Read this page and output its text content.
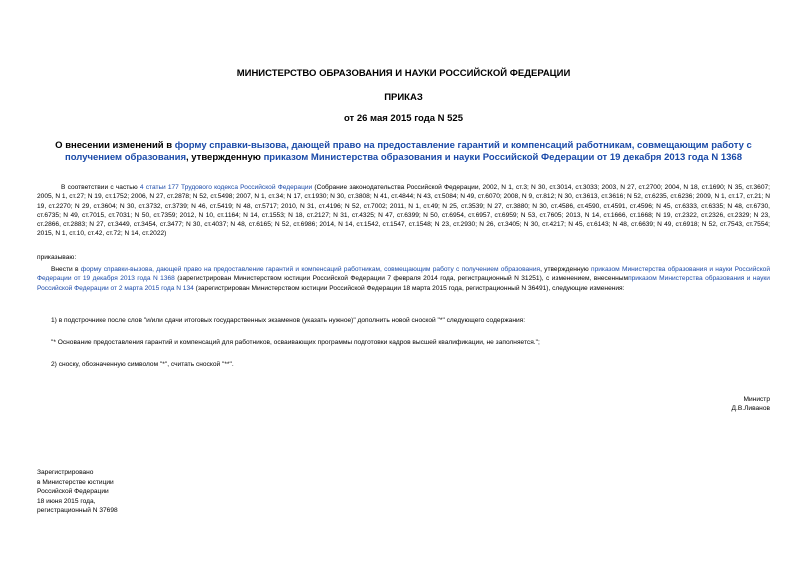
МИНИСТЕРСТВО ОБРАЗОВАНИЯ И НАУКИ РОССИЙСКОЙ ФЕДЕРАЦИИ
ПРИКАЗ
от 26 мая 2015 года N 525
О внесении изменений в форму справки-вызова, дающей право на предоставление гарантий и компенсаций работникам, совмещающим работу с получением образования, утвержденную приказом Министерства образования и науки Российской Федерации от 19 декабря 2013 года N 1368
В соответствии с частью 4 статьи 177 Трудового кодекса Российской Федерации (Собрание законодательства Российской Федерации, 2002, N 1, ст.3; N 30, ст.3014, ст.3033; 2003, N 27, ст.2700; 2004, N 18, ст.1690; N 35, ст.3607; 2005, N 1, ст.27; N 19, ст.1752; 2006, N 27, ст.2878; N 52, ст.5498; 2007, N 1, ст.34; N 17, ст.1930; N 30, ст.3808; N 41, ст.4844; N 43, ст.5084; N 49, ст.6070; 2008, N 9, ст.812; N 30, ст.3613, ст.3616; N 52, ст.6235, ст.6236; 2009, N 1, ст.17, ст.21; N 19, ст.2270; N 29, ст.3604; N 30, ст.3732, ст.3739; N 46, ст.5419; N 48, ст.5717; 2010, N 31, ст.4196; N 52, ст.7002; 2011, N 1, ст.49; N 25, ст.3539; N 27, ст.3880; N 30, ст.4586, ст.4590, ст.4591, ст.4596; N 45, ст.6333, ст.6335; N 48, ст.6730, ст.6735; N 49, ст.7015, ст.7031; N 50, ст.7359; 2012, N 10, ст.1164; N 14, ст.1553; N 18, ст.2127; N 31, ст.4325; N 47, ст.6399; N 50, ст.6954, ст.6957, ст.6959; N 53, ст.7605; 2013, N 14, ст.1666, ст.1668; N 19, ст.2322, ст.2326, ст.2329; N 23, ст.2866, ст.2883; N 27, ст.3449, ст.3454, ст.3477; N 30, ст.4037; N 48, ст.6165; N 52, ст.6986; 2014, N 14, ст.1542, ст.1547, ст.1548; N 23, ст.2930; N 26, ст.3405; N 30, ст.4217; N 45, ст.6143; N 48, ст.6639; N 49, ст.6918; N 52, ст.7543, ст.7554; 2015, N 1, ст.10, ст.42, ст.72; N 14, ст.2022)
приказываю:
Внести в форму справки-вызова, дающей право на предоставление гарантий и компенсаций работникам, совмещающим работу с получением образования, утвержденную приказом Министерства образования и науки Российской Федерации от 19 декабря 2013 года N 1368 (зарегистрирован Министерством юстиции Российской Федерации 7 февраля 2014 года, регистрационный N 31251), с изменением, внесеннымприказом Министерства образования и науки Российской Федерации от 2 марта 2015 года N 134 (зарегистрирован Министерством юстиции Российской Федерации 18 марта 2015 года, регистрационный N 36491), следующие изменения:
1) в подстрочнике после слов "и/или сдачи итоговых государственных экзаменов (указать нужное)" дополнить новой сноской "*" следующего содержания:
"* Основание предоставления гарантий и компенсаций для работников, осваивающих программы подготовки кадров высшей квалификации, не заполняется.";
2) сноску, обозначенную символом "*", считать сноской "**".
Министр
Д.В.Ливанов
Зарегистрировано
в Министерстве юстиции
Российской Федерации
18 июня 2015 года,
регистрационный N 37698
